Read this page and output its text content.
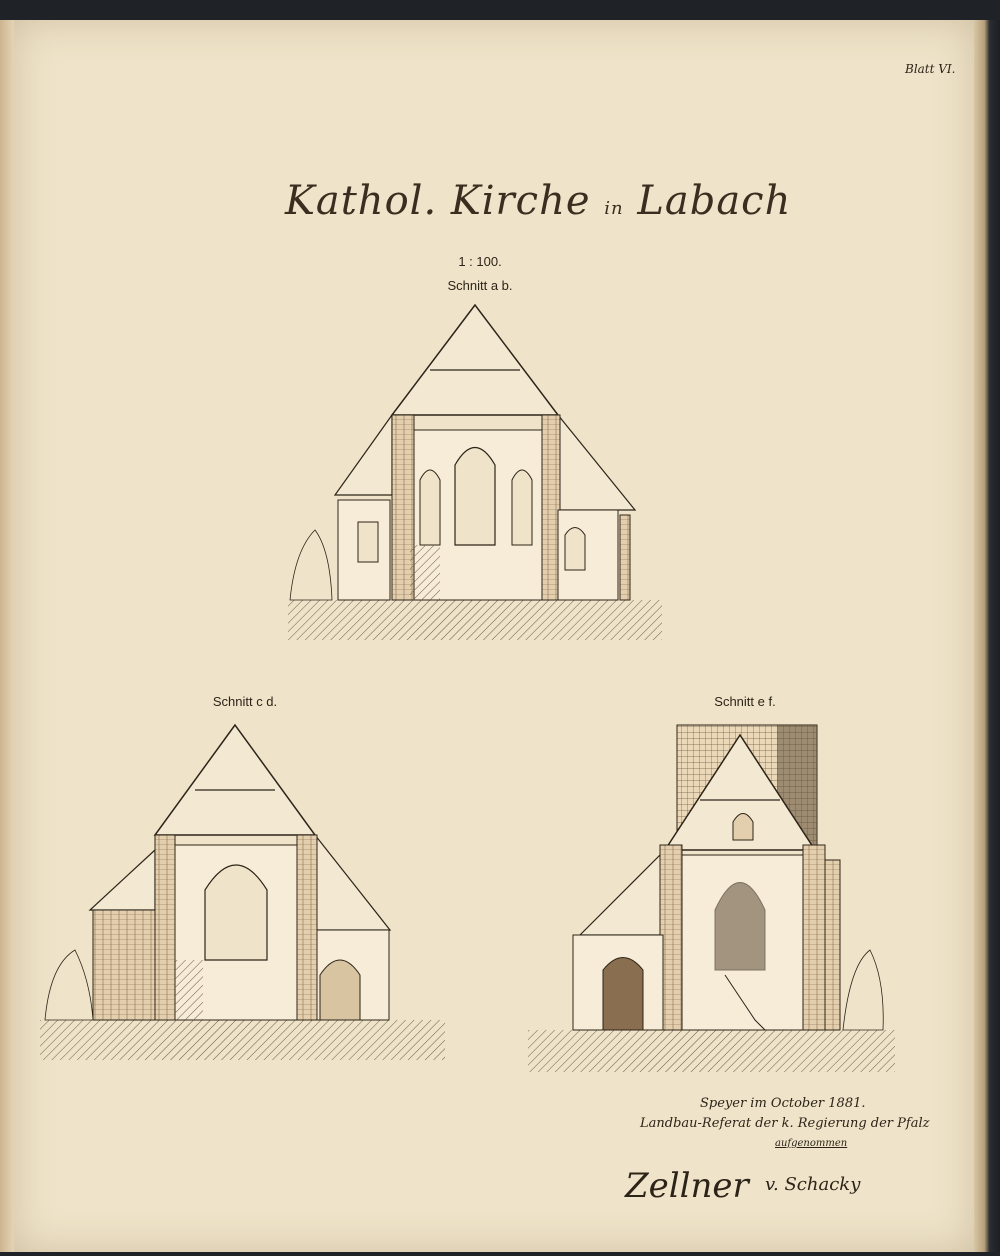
Blatt VI.
Kathol. Kirche in Labach
1 : 100.
Schnitt a b.
Schnitt c d.	Schnitt e f.
Speyer im October 1881.
Landbau-Referat der k. Regierung der Pfalz
aufgenommen
Zellner v. Schacky
